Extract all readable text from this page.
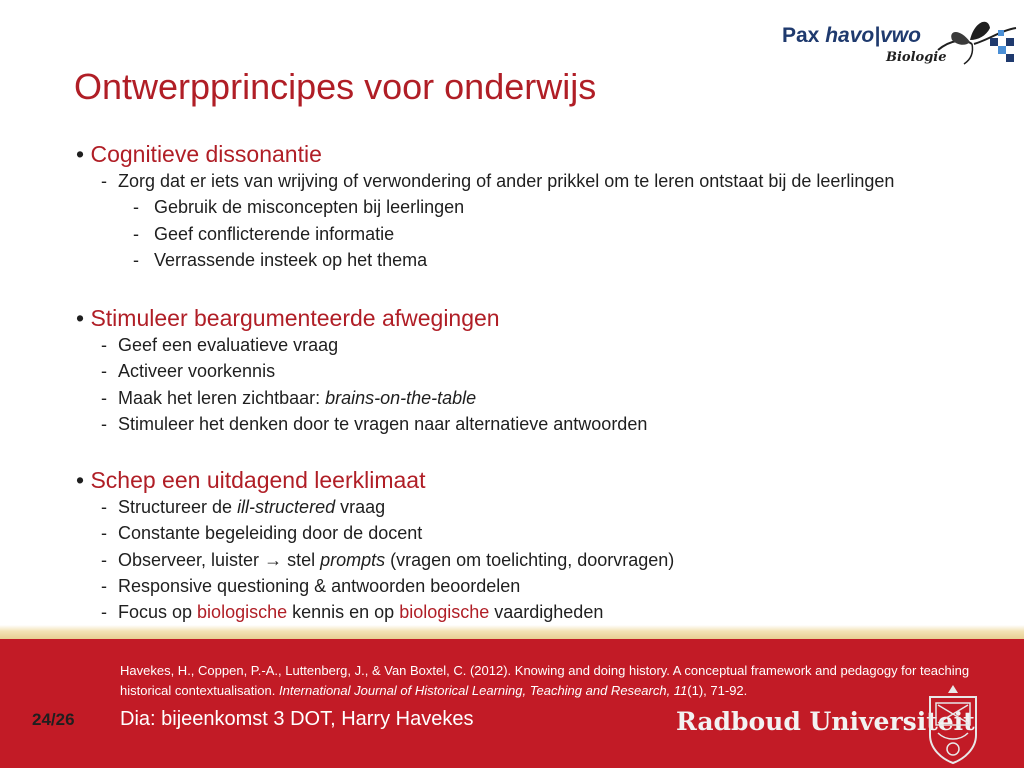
Pax havo|vwo
Biologie
Ontwerpprincipes voor onderwijs
• Cognitieve dissonantie
- Zorg dat er iets van wrijving of verwondering of ander prikkel om te leren ontstaat bij de leerlingen
- Gebruik de misconcepten bij leerlingen
- Geef conflicterende informatie
- Verrassende insteek op het thema
• Stimuleer beargumenteerde afwegingen
- Geef een evaluatieve vraag
- Activeer voorkennis
- Maak het leren zichtbaar: brains-on-the-table
- Stimuleer het denken door te vragen naar alternatieve antwoorden
• Schep een uitdagend leerklimaat
- Structureer de ill-structered vraag
- Constante begeleiding door de docent
- Observeer, luister → stel prompts (vragen om toelichting, doorvragen)
- Responsive questioning & antwoorden beoordelen
- Focus op biologische kennis en op biologische vaardigheden
Havekes, H., Coppen, P.-A., Luttenberg, J., & Van Boxtel, C. (2012). Knowing and doing history. A conceptual framework and pedagogy for teaching historical contextualisation. International Journal of Historical Learning, Teaching and Research, 11(1), 71-92.
24/26 Dia: bijeenkomst 3 DOT, Harry Havekes	Radboud Universiteit
